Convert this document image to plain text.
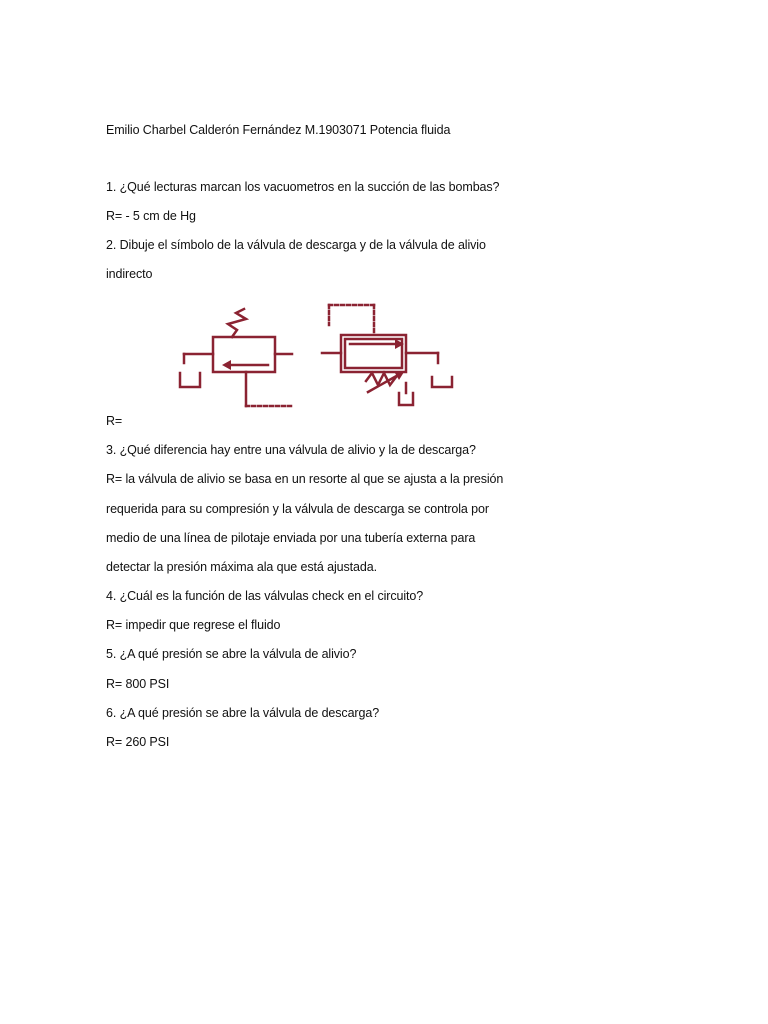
Emilio Charbel Calderón Fernández M.1903071 Potencia fluida
1. ¿Qué lecturas marcan los vacuometros en la succión de las bombas?
R= - 5 cm de Hg
2. Dibuje el símbolo de la válvula de descarga y de la válvula de alivio
indirecto
R=
3. ¿Qué diferencia hay entre una válvula de alivio y la de descarga?
R= la válvula de alivio se basa en un resorte al que se ajusta a la presión
requerida para su compresión y la válvula de descarga se controla por
medio de una línea de pilotaje enviada por una tubería externa para
detectar la presión máxima ala que está ajustada.
4. ¿Cuál es la función de las válvulas check en el circuito?
R= impedir que regrese el fluido
5. ¿A qué presión se abre la válvula de alivio?
R= 800 PSI
6. ¿A qué presión se abre la válvula de descarga?
R= 260 PSI
